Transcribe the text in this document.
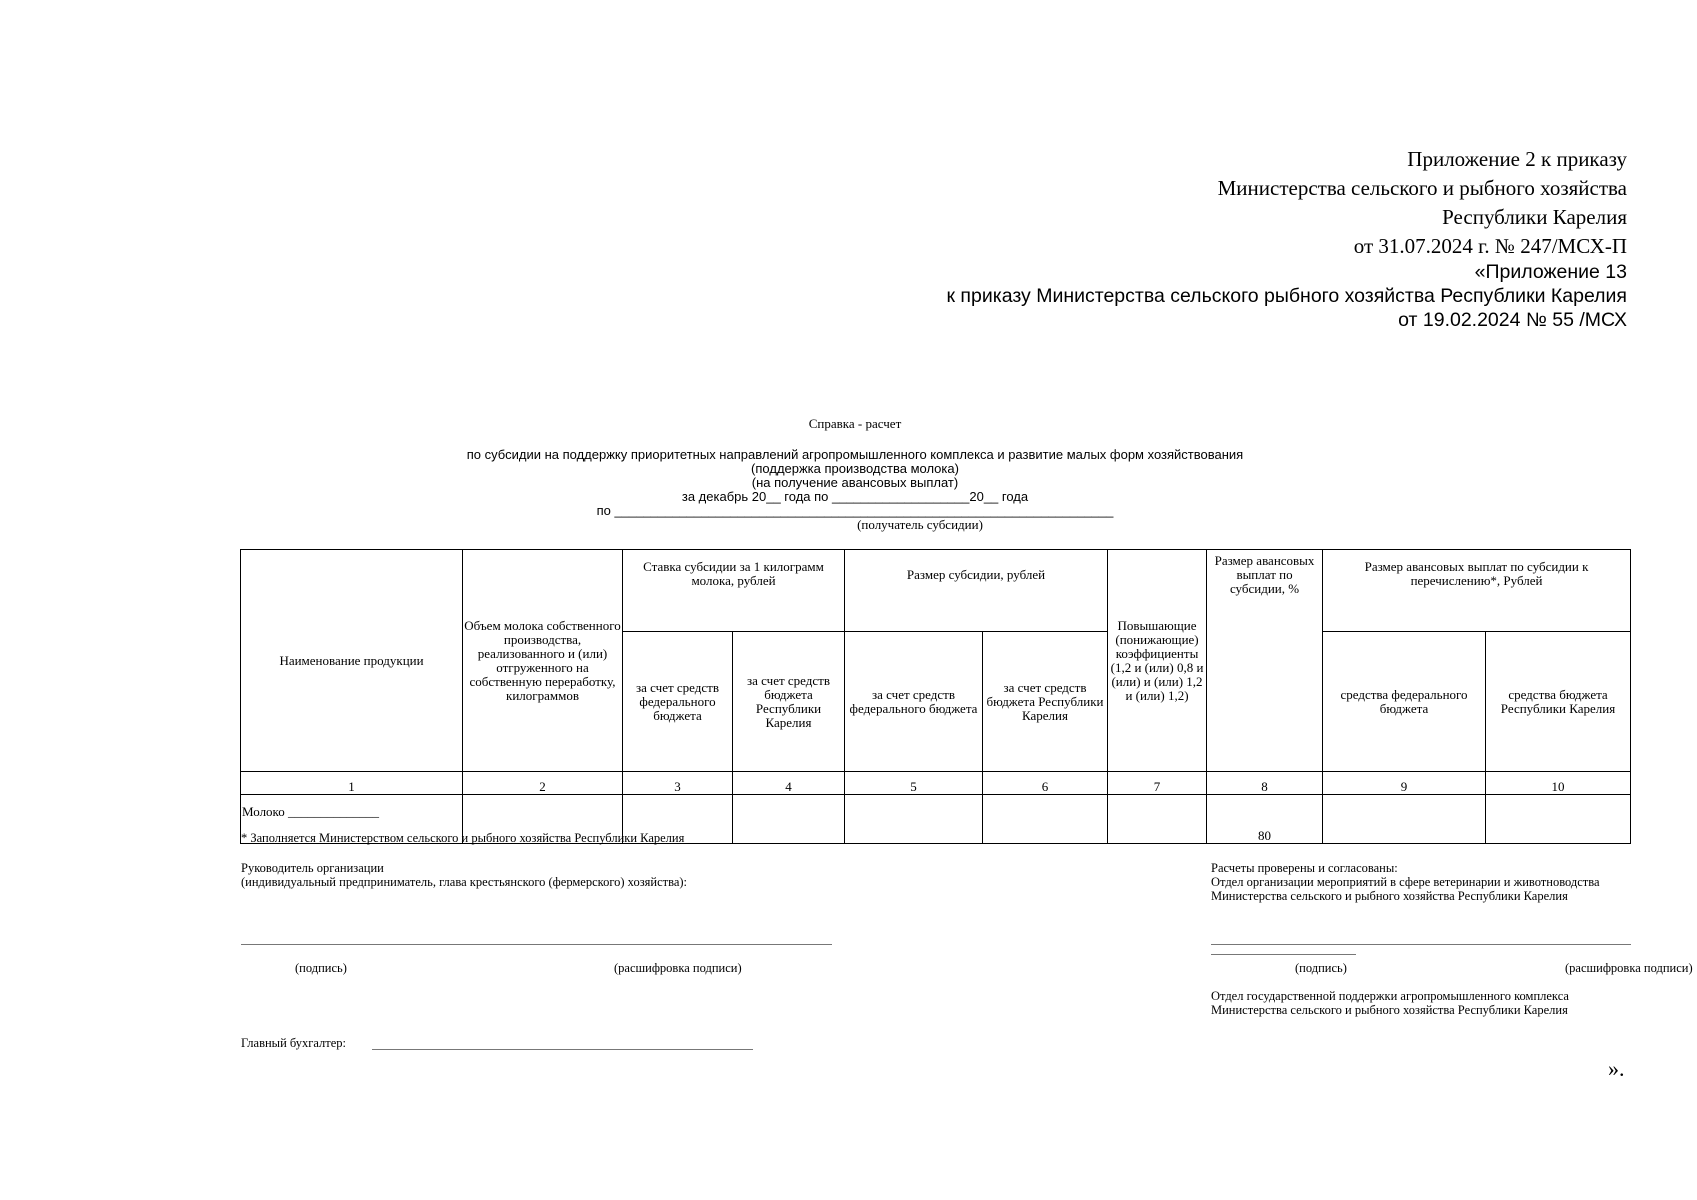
Приложение 2 к приказу
Министерства сельского и рыбного хозяйства
Республики Карелия
от 31.07.2024 г. № 247/МСХ-П
«Приложение 13
к приказу Министерства сельского рыбного хозяйства Республики Карелия
от 19.02.2024 № 55 /МСХ
Справка - расчет
по субсидии на поддержку приоритетных направлений агропромышленного комплекса и развитие малых форм хозяйствования
(поддержка производства молока)
(на получение авансовых выплат)
за декабрь 20__ года по ___________________20__ года
по _____________________________________________________________________
(получатель субсидии)
Наименование продукции	Объем молока собственного производства, реализованного и (или) отгруженного на собственную переработку, килограммов	Ставка субсидии за 1 килограмм молока, рублей		Размер субсидии, рублей		Повышающие (понижающие) коэффициенты (1,2 и (или) 0,8 и (или) и (или) 1,2 и (или) 1,2)	Размер авансовых выплат по субсидии, %	Размер авансовых выплат по субсидии к перечислению*, Рублей	
		за счет средств федерального бюджета	за счет средств бюджета Республики Карелия	за счет средств федерального бюджета	за счет средств бюджета Республики Карелия			средства федерального бюджета	средства бюджета Республики Карелия
1	2	3	4	5	6	7	8	9	10
Молоко ______________							80		
* Заполняется Министерством сельского и рыбного хозяйства Республики Карелия
Руководитель организации
(индивидуальный предприниматель, глава крестьянского (фермерского) хозяйства):
(подпись)	(расшифровка подписи)
Главный бухгалтер:
Расчеты проверены и согласованы:
Отдел организации мероприятий в сфере ветеринарии и животноводства Министерства сельского и рыбного хозяйства Республики Карелия
(подпись)	(расшифровка подписи)
Отдел государственной поддержки агропромышленного комплекса Министерства сельского и рыбного хозяйства Республики Карелия
».
